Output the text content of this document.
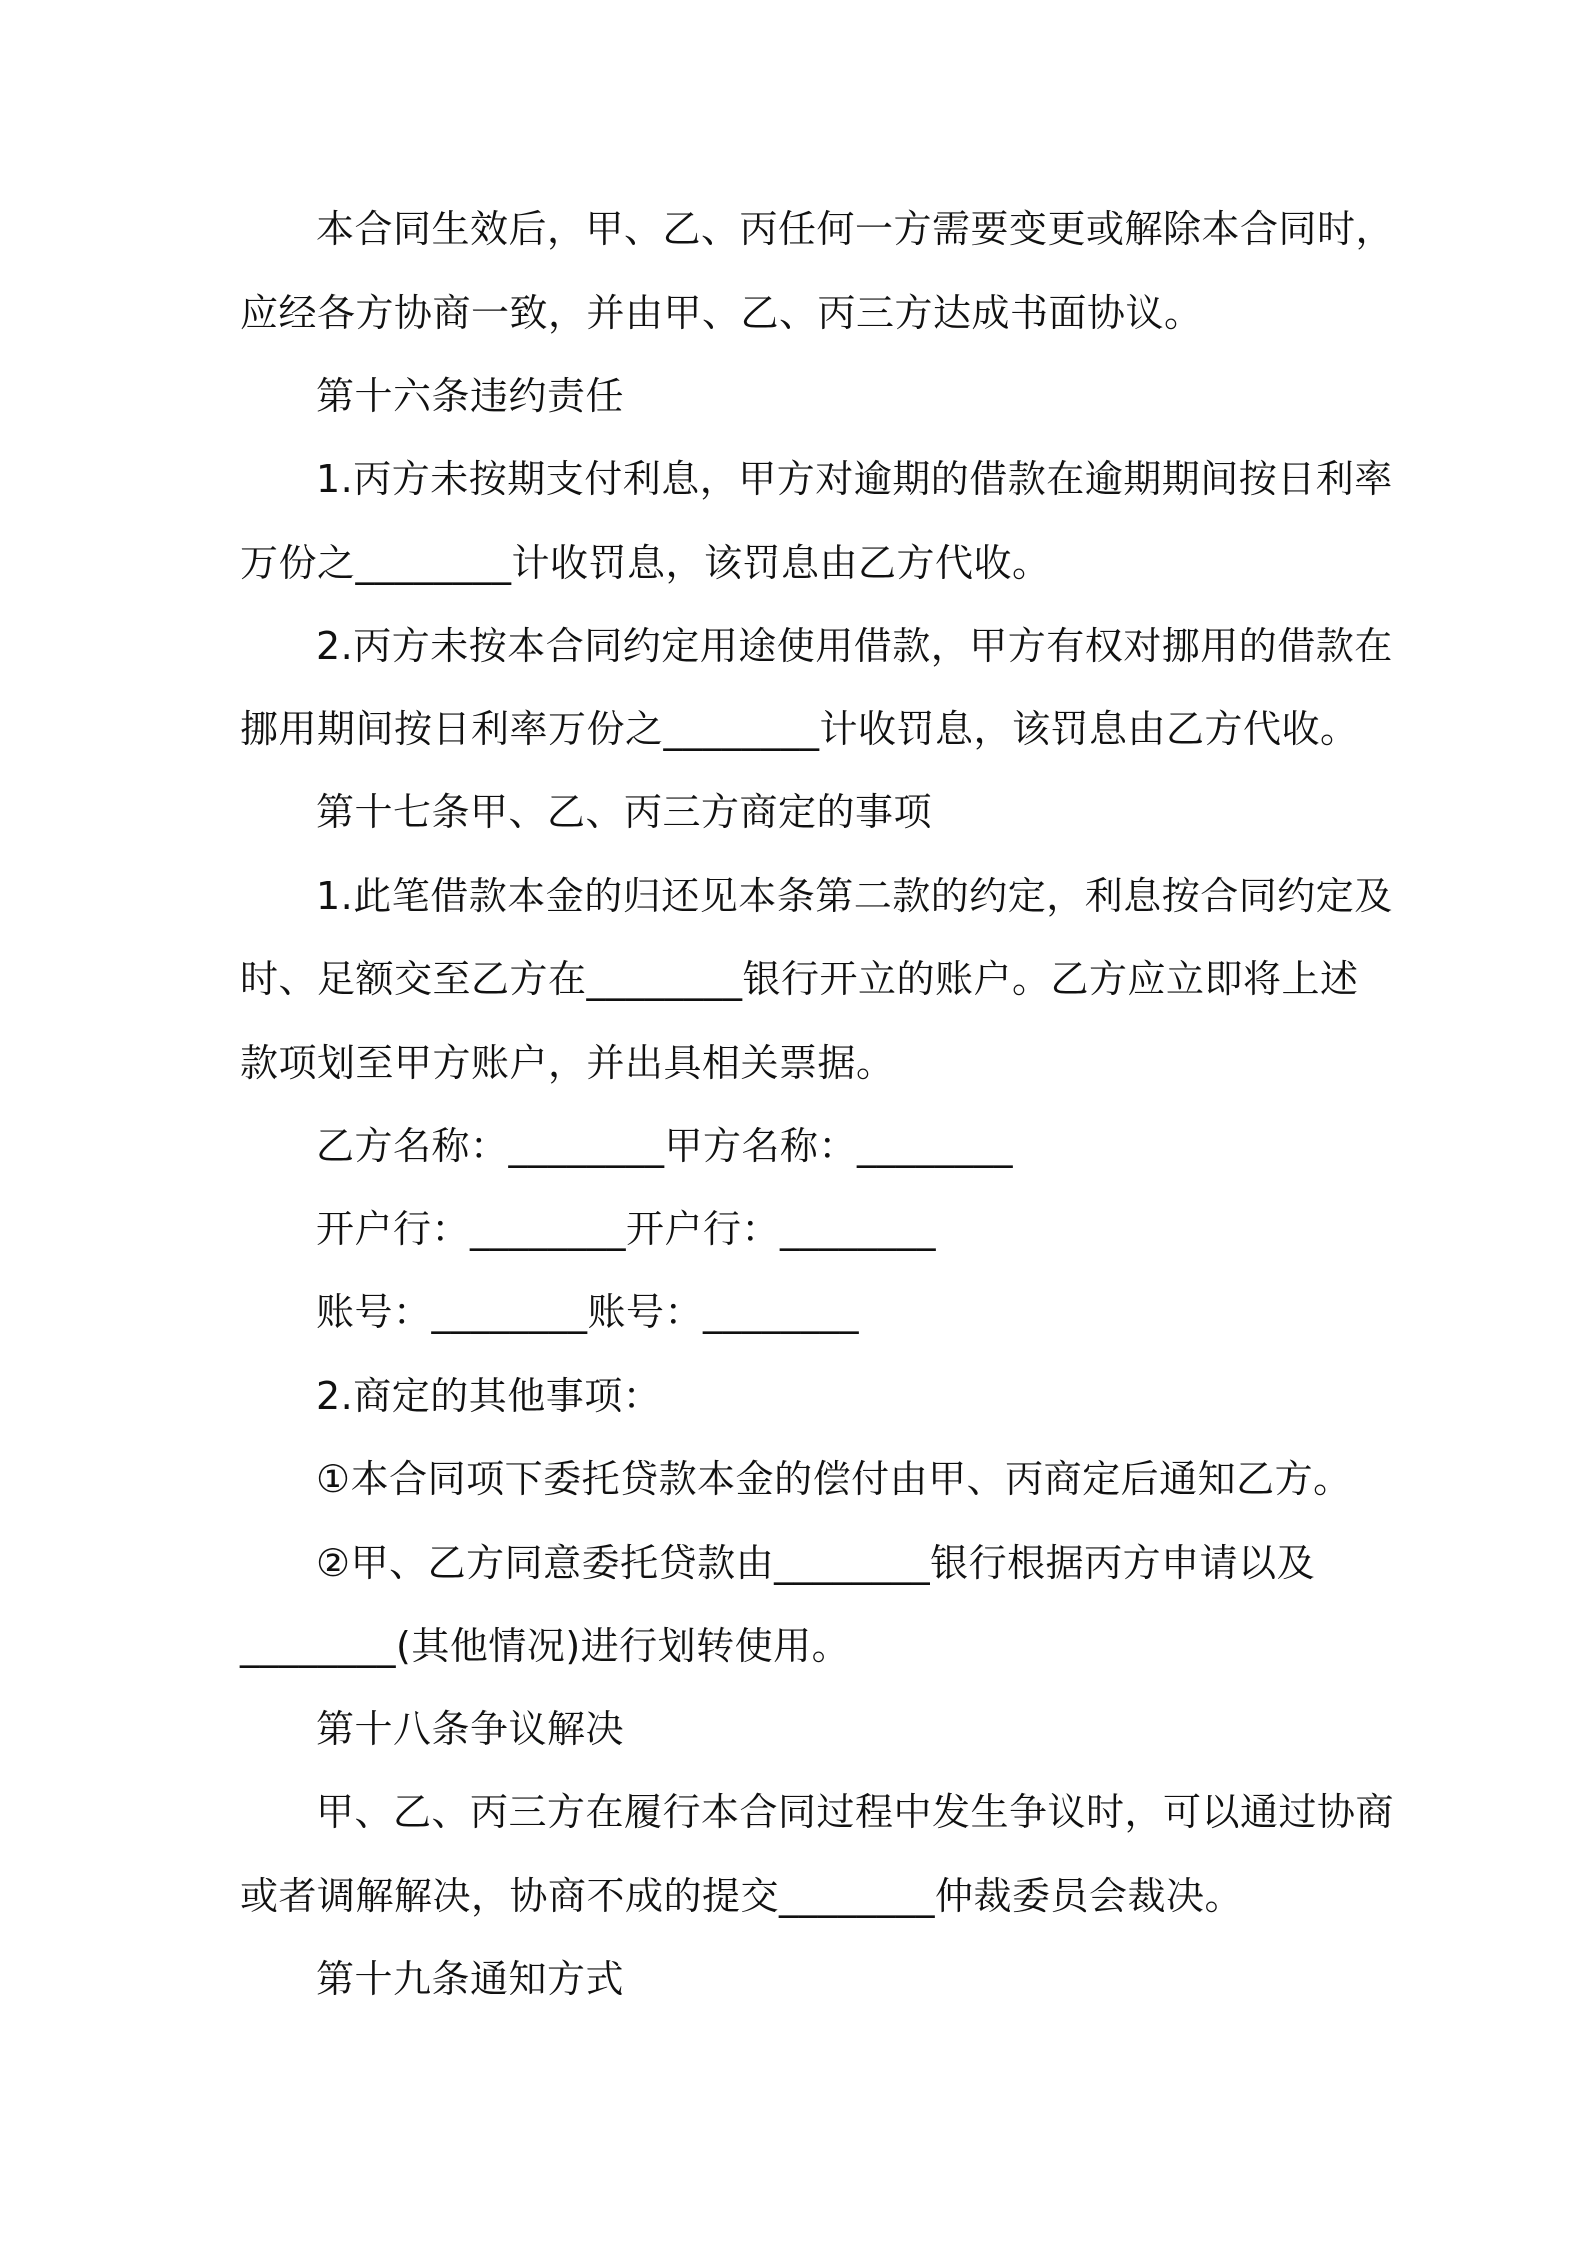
本合同生效后，甲、乙、丙任何一方需要变更或解除本合同时，
应经各方协商一致，并由甲、乙、丙三方达成书面协议。
第十六条违约责任
1.丙方未按期支付利息，甲方对逾期的借款在逾期期间按日利率
万份之________计收罚息，该罚息由乙方代收。
2.丙方未按本合同约定用途使用借款，甲方有权对挪用的借款在
挪用期间按日利率万份之________计收罚息，该罚息由乙方代收。
第十七条甲、乙、丙三方商定的事项
1.此笔借款本金的归还见本条第二款的约定，利息按合同约定及
时、足额交至乙方在________银行开立的账户。乙方应立即将上述
款项划至甲方账户，并出具相关票据。
乙方名称：________甲方名称：________
开户行：________开户行：________
账号：________账号：________
2.商定的其他事项：
①本合同项下委托贷款本金的偿付由甲、丙商定后通知乙方。
②甲、乙方同意委托贷款由________银行根据丙方申请以及
________(其他情况)进行划转使用。
第十八条争议解决
甲、乙、丙三方在履行本合同过程中发生争议时，可以通过协商
或者调解解决，协商不成的提交________仲裁委员会裁决。
第十九条通知方式
